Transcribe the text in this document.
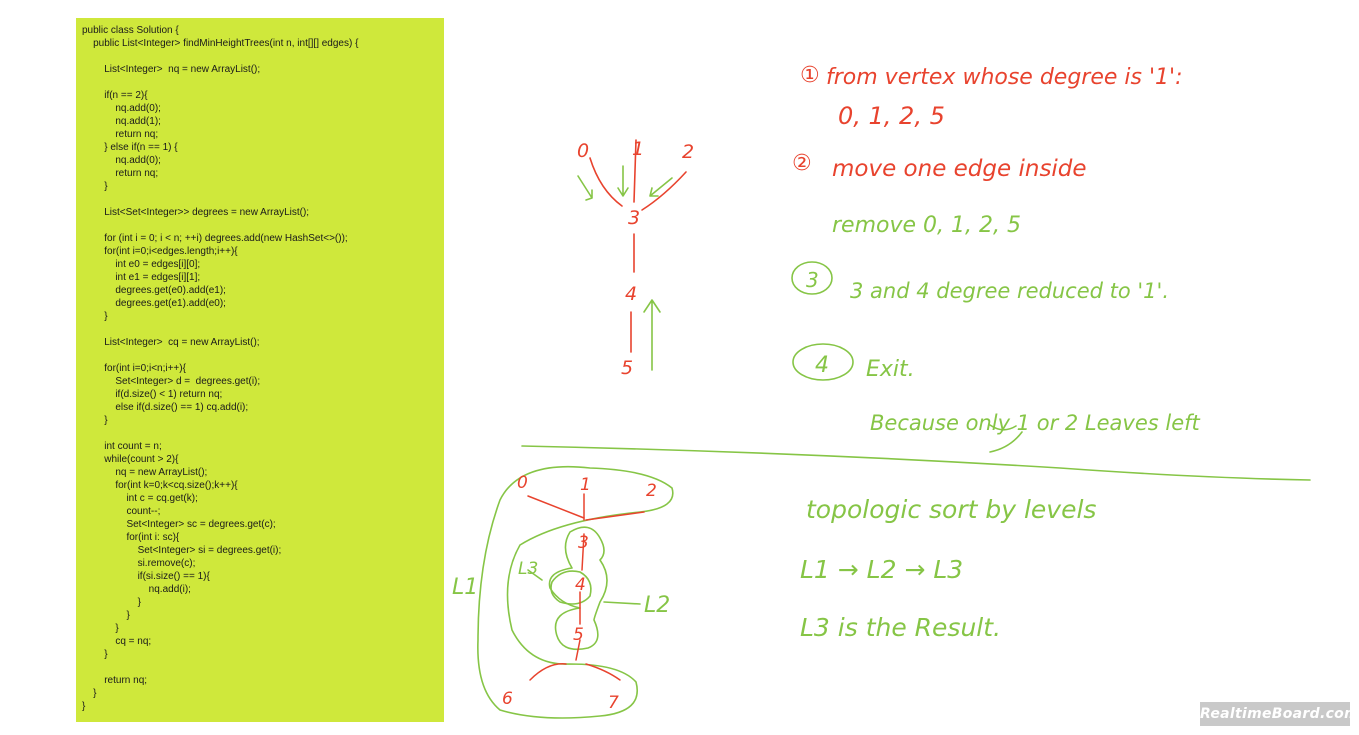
public class Solution {
public List<Integer> findMinHeightTrees(int n, int[][] edges) {
List<Integer>  nq = new ArrayList();
if(n == 2){
nq.add(0);
nq.add(1);
return nq;
} else if(n == 1) {
nq.add(0);
return nq;
}
List<Set<Integer>> degrees = new ArrayList();
for (int i = 0; i < n; ++i) degrees.add(new HashSet<>());
for(int i=0;i<edges.length;i++){
int e0 = edges[i][0];
int e1 = edges[i][1];
degrees.get(e0).add(e1);
degrees.get(e1).add(e0);
}
List<Integer>  cq = new ArrayList();
for(int i=0;i<n;i++){
Set<Integer> d =  degrees.get(i);
if(d.size() < 1) return nq;
else if(d.size() == 1) cq.add(i);
}
int count = n;
while(count > 2){
nq = new ArrayList();
for(int k=0;k<cq.size();k++){
int c = cq.get(k);
count--;
Set<Integer> sc = degrees.get(c);
for(int i: sc){
Set<Integer> si = degrees.get(i);
si.remove(c);
if(si.size() == 1){
nq.add(i);
}
}
}
cq = nq;
}
return nq;
}
}
0 1 2
3
4
5
① from vertex whose degree is '1':
0, 1, 2, 5
② move one edge inside
remove 0, 1, 2, 5
3 3 and 4 degree reduced to '1'.
4 Exit.
Because only 1 or 2 Leaves left
0	1	2
3
4
5
6	7
L1
L3
L2
topologic sort by levels
L1 → L2 → L3
L3 is the Result.
RealtimeBoard.com
